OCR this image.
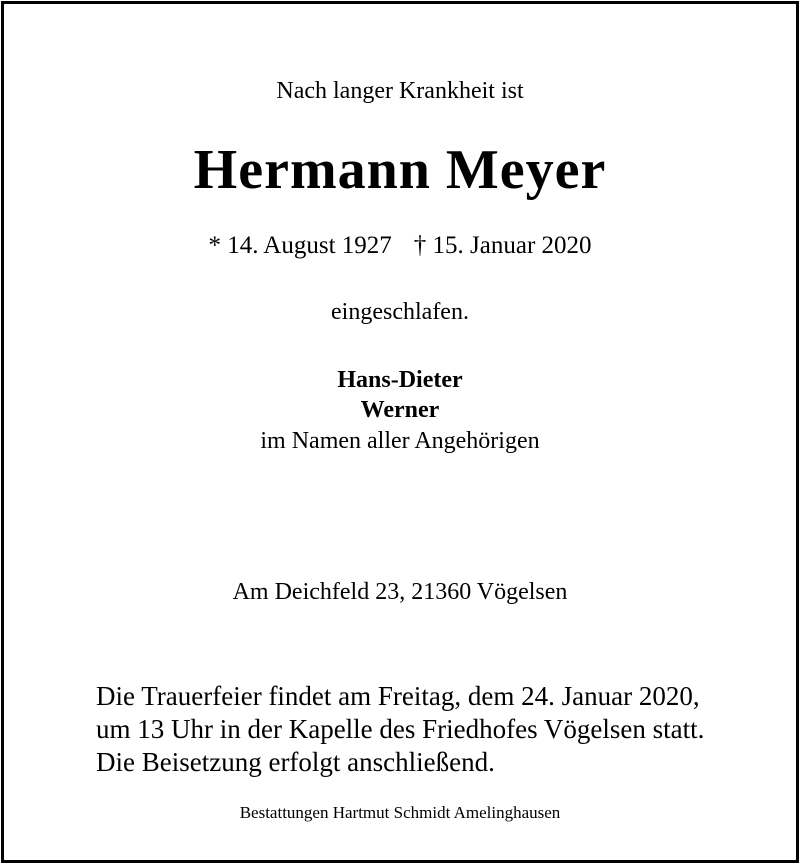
Nach langer Krankheit ist
Hermann Meyer
* 14. August 1927 † 15. Januar 2020
eingeschlafen.
Hans-Dieter
Werner
im Namen aller Angehörigen
Am Deichfeld 23, 21360 Vögelsen
Die Trauerfeier findet am Freitag, dem 24. Januar 2020,
um 13 Uhr in der Kapelle des Friedhofes Vögelsen statt.
Die Beisetzung erfolgt anschließend.
Bestattungen Hartmut Schmidt Amelinghausen
